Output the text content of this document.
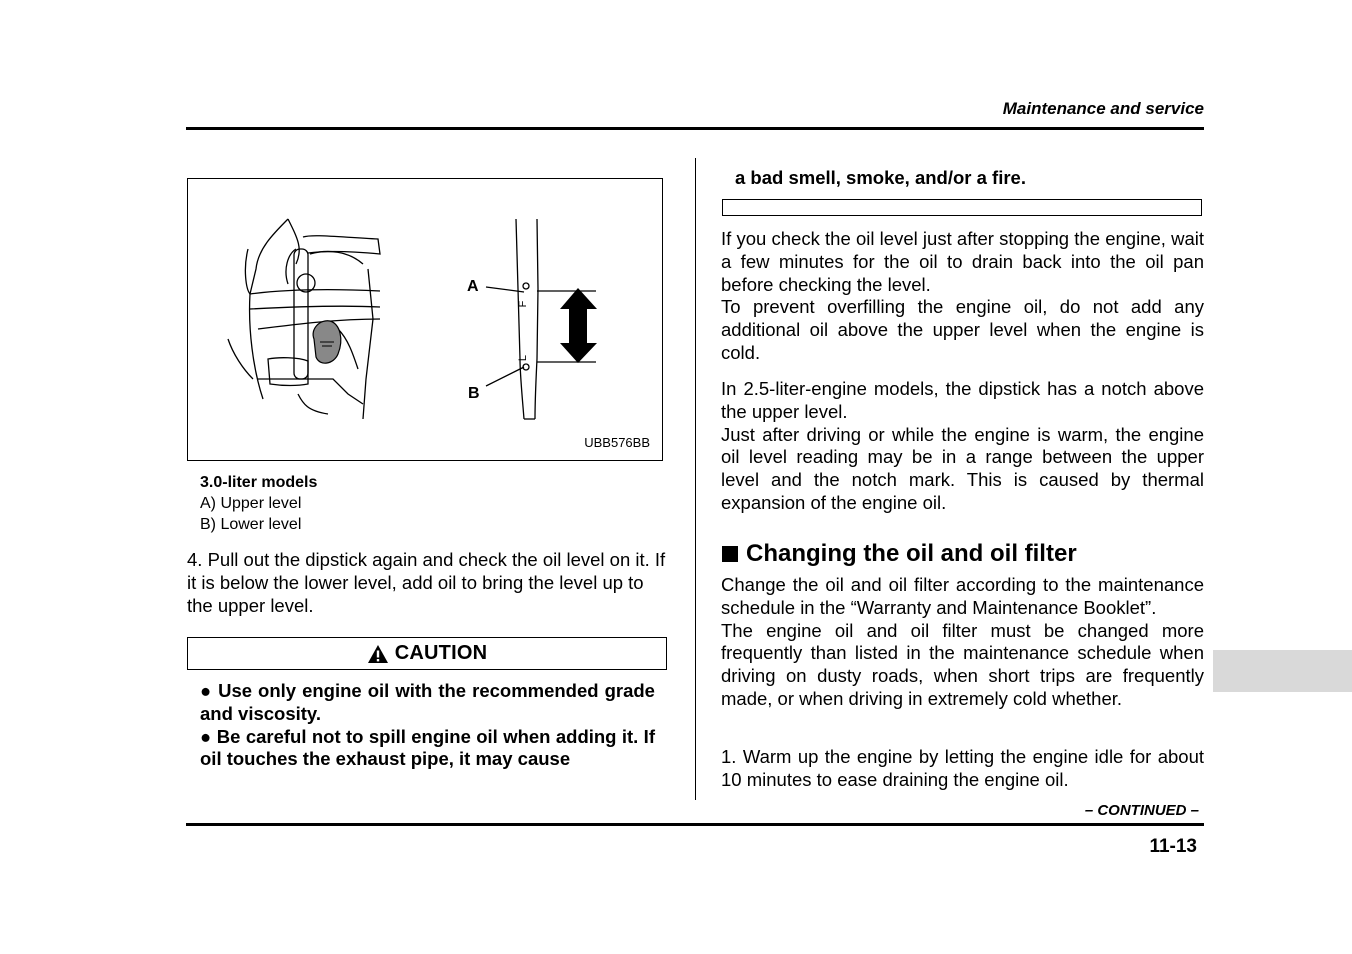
Maintenance and service
F
L
A
B
UBB576BB
3.0-liter models
A) Upper level
B) Lower level
4. Pull out the dipstick again and check the oil level on it. If it is below the lower level, add oil to bring the level up to the upper level.
CAUTION
● Use only engine oil with the recommended grade and viscosity.
● Be careful not to spill engine oil when adding it. If oil touches the exhaust pipe, it may cause
a bad smell, smoke, and/or a fire.
If you check the oil level just after stopping the engine, wait a few minutes for the oil to drain back into the oil pan before checking the level.
To prevent overfilling the engine oil, do not add any additional oil above the upper level when the engine is cold.
In 2.5-liter-engine models, the dipstick has a notch above the upper level.
Just after driving or while the engine is warm, the engine oil level reading may be in a range between the upper level and the notch mark. This is caused by thermal expansion of the engine oil.
Changing the oil and oil filter
Change the oil and oil filter according to the maintenance schedule in the “Warranty and Maintenance Booklet”.
The engine oil and oil filter must be changed more frequently than listed in the maintenance schedule when driving on dusty roads, when short trips are frequently made, or when driving in extremely cold whether.
1. Warm up the engine by letting the engine idle for about 10 minutes to ease draining the engine oil.
– CONTINUED –
11-13
